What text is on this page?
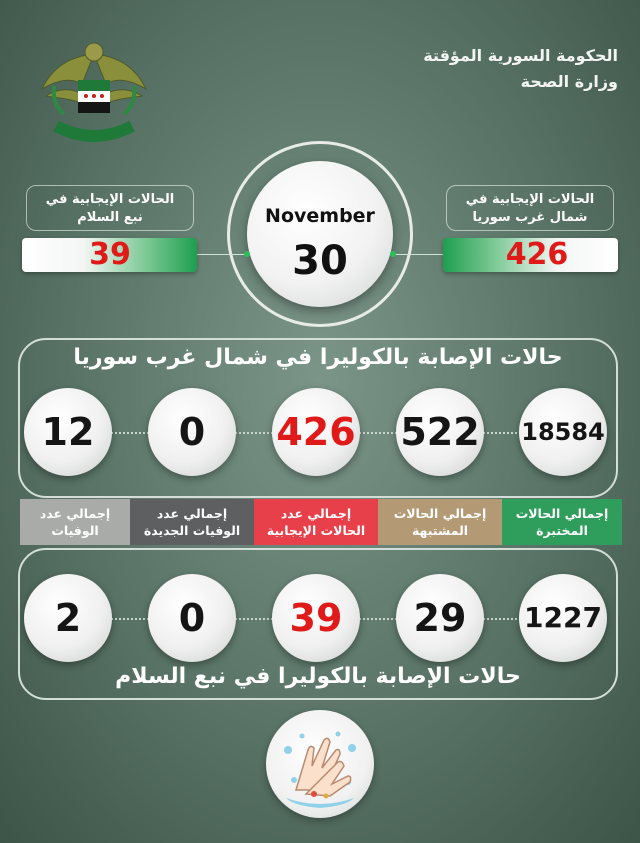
الحكومة السورية المؤقتة
وزارة الصحة
November
30
الحالات الإيجابية في
نبع السلام
39
الحالات الإيجابية في
شمال غرب سوريا
426
حالات الإصابة بالكوليرا في شمال غرب سوريا
18584
522
426
0
12
إجمالي الحالات
المختبرة
إجمالي الحالات
المشتبهة
إجمالي عدد
الحالات الإيجابية
إجمالي عدد
الوفيات الجديدة
إجمالي عدد
الوفيات
1227
29
39
0
2
حالات الإصابة بالكوليرا في نبع السلام
